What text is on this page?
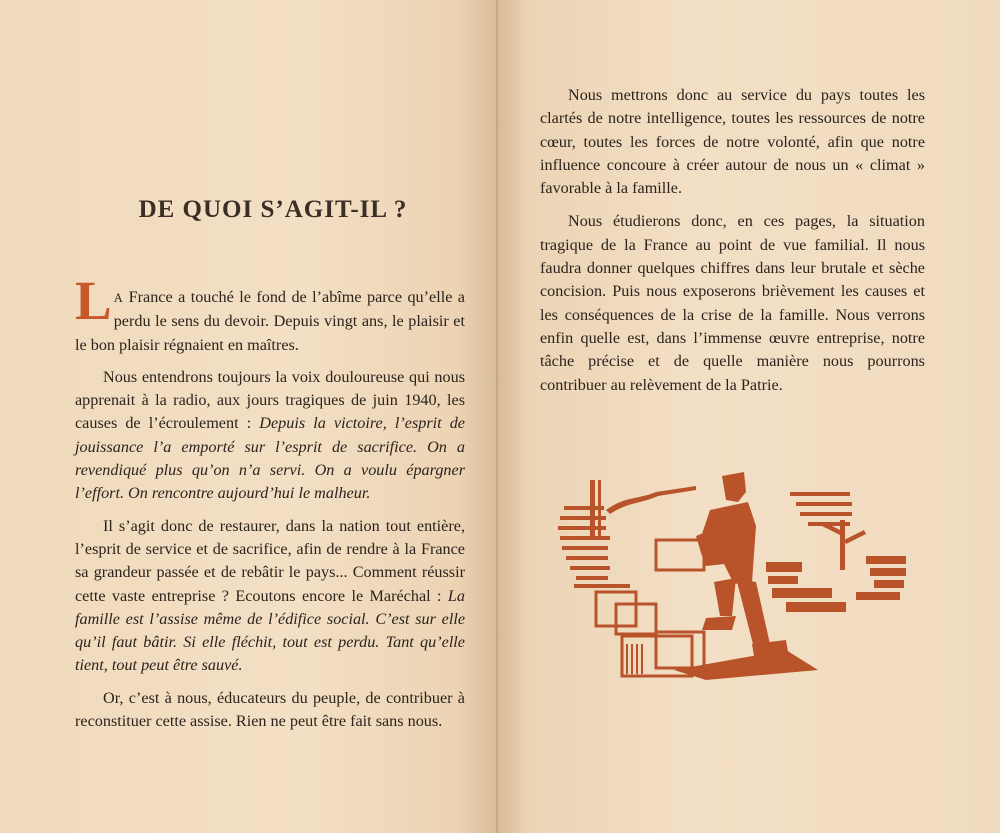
DE QUOI S’AGIT-IL ?

L A France a touché le fond de l’abîme parce qu’elle a perdu le sens du devoir. Depuis vingt ans, le plaisir et le bon plaisir régnaient en maîtres.

Nous entendrons toujours la voix douloureuse qui nous apprenait à la radio, aux jours tragiques de juin 1940, les causes de l’écroulement : Depuis la victoire, l’esprit de jouissance l’a emporté sur l’esprit de sacrifice. On a revendiqué plus qu’on n’a servi. On a voulu épargner l’effort. On rencontre aujourd’hui le malheur.

Il s’agit donc de restaurer, dans la nation tout entière, l’esprit de service et de sacrifice, afin de rendre à la France sa grandeur passée et de rebâtir le pays... Comment réussir cette vaste entreprise ? Ecoutons encore le Maréchal : La famille est l’assise même de l’édifice social. C’est sur elle qu’il faut bâtir. Si elle fléchit, tout est perdu. Tant qu’elle tient, tout peut être sauvé.

Or, c’est à nous, éducateurs du peuple, de contribuer à reconstituer cette assise. Rien ne peut être fait sans nous.

Nous mettrons donc au service du pays toutes les clartés de notre intelligence, toutes les ressources de notre cœur, toutes les forces de notre volonté, afin que notre influence concoure à créer autour de nous un « climat » favorable à la famille.

Nous étudierons donc, en ces pages, la situation tragique de la France au point de vue familial. Il nous faudra donner quelques chiffres dans leur brutale et sèche concision. Puis nous exposerons brièvement les causes et les conséquences de la crise de la famille. Nous verrons enfin quelle est, dans l’immense œuvre entreprise, notre tâche précise et de quelle manière nous pourrons contribuer au relèvement de la Patrie.
